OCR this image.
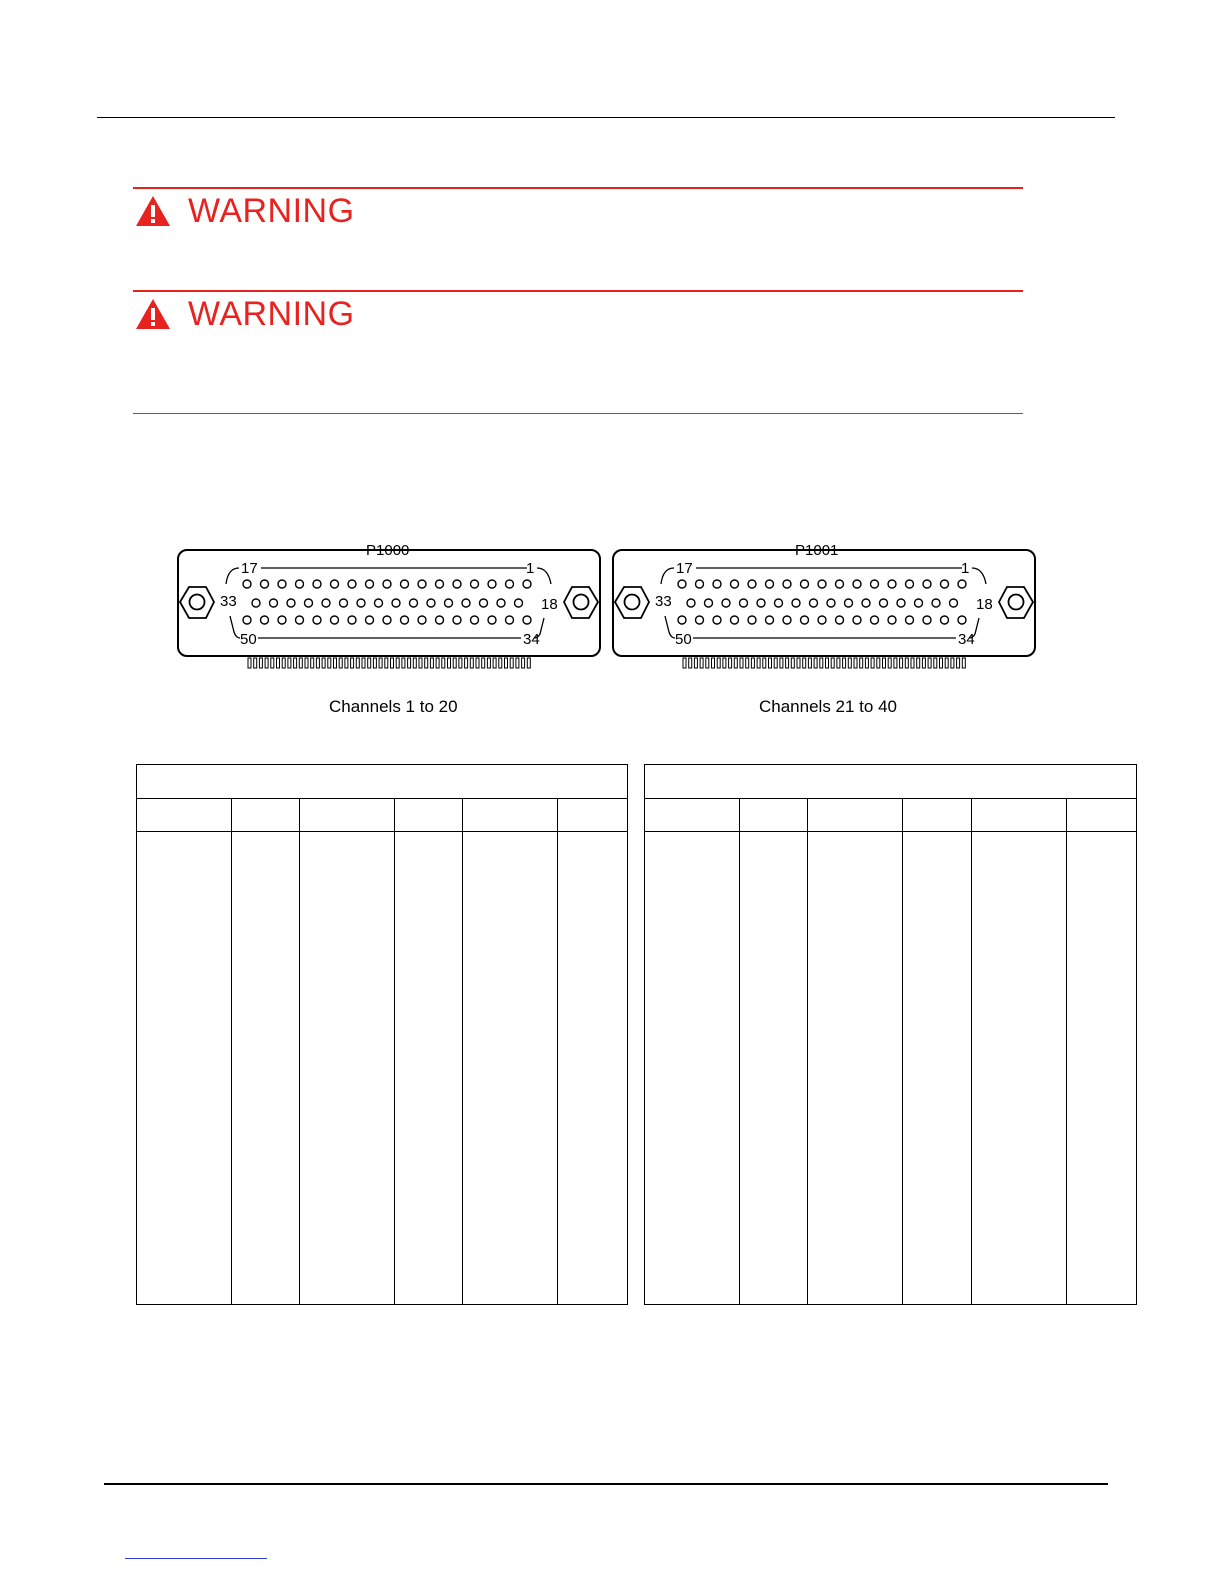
WARNING
WARNING
P1000
17	1
33	18
50	34
P1001
17	1
33	18
50	34
Channels 1 to 20	Channels 21 to 40
